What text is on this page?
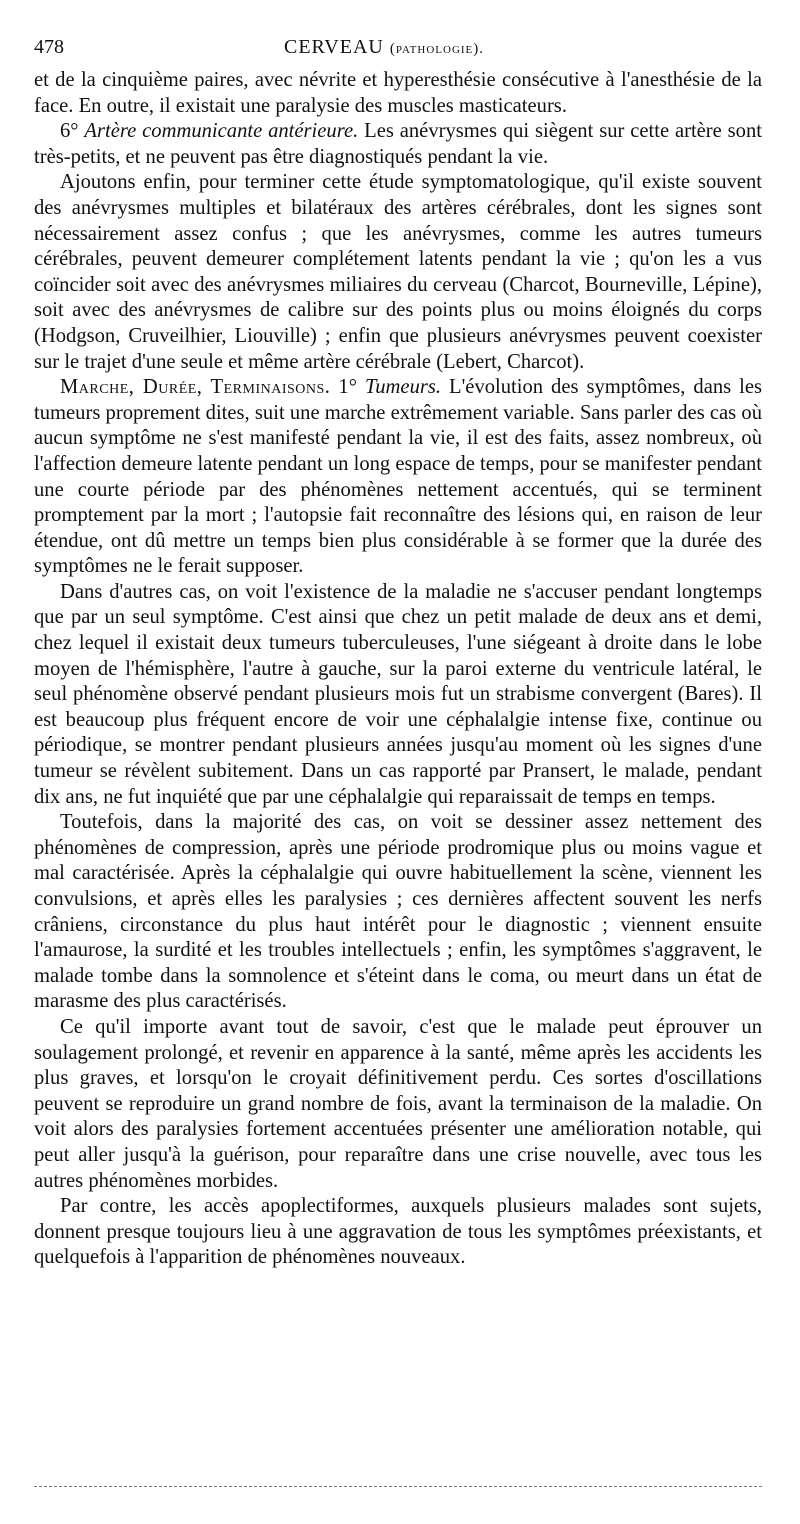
478	CERVEAU (pathologie).

et de la cinquième paires, avec névrite et hyperesthésie consécutive à l'anesthésie de la face. En outre, il existait une paralysie des muscles masticateurs.

6° Artère communicante antérieure. Les anévrysmes qui siègent sur cette artère sont très-petits, et ne peuvent pas être diagnostiqués pendant la vie.

Ajoutons enfin, pour terminer cette étude symptomatologique, qu'il existe souvent des anévrysmes multiples et bilatéraux des artères cérébrales, dont les signes sont nécessairement assez confus ; que les anévrysmes, comme les autres tumeurs cérébrales, peuvent demeurer complétement latents pendant la vie ; qu'on les a vus coïncider soit avec des anévrysmes miliaires du cerveau (Charcot, Bourneville, Lépine), soit avec des anévrysmes de calibre sur des points plus ou moins éloignés du corps (Hodgson, Cruveilhier, Liouville) ; enfin que plusieurs anévrysmes peuvent coexister sur le trajet d'une seule et même artère cérébrale (Lebert, Charcot).

Marche, Durée, Terminaisons. 1° Tumeurs. L'évolution des symptômes, dans les tumeurs proprement dites, suit une marche extrêmement variable. Sans parler des cas où aucun symptôme ne s'est manifesté pendant la vie, il est des faits, assez nombreux, où l'affection demeure latente pendant un long espace de temps, pour se manifester pendant une courte période par des phénomènes nettement accentués, qui se terminent promptement par la mort ; l'autopsie fait reconnaître des lésions qui, en raison de leur étendue, ont dû mettre un temps bien plus considérable à se former que la durée des symptômes ne le ferait supposer.

Dans d'autres cas, on voit l'existence de la maladie ne s'accuser pendant longtemps que par un seul symptôme. C'est ainsi que chez un petit malade de deux ans et demi, chez lequel il existait deux tumeurs tuberculeuses, l'une siégeant à droite dans le lobe moyen de l'hémisphère, l'autre à gauche, sur la paroi externe du ventricule latéral, le seul phénomène observé pendant plusieurs mois fut un strabisme convergent (Bares). Il est beaucoup plus fréquent encore de voir une céphalalgie intense fixe, continue ou périodique, se montrer pendant plusieurs années jusqu'au moment où les signes d'une tumeur se révèlent subitement. Dans un cas rapporté par Pransert, le malade, pendant dix ans, ne fut inquiété que par une céphalalgie qui reparaissait de temps en temps.

Toutefois, dans la majorité des cas, on voit se dessiner assez nettement des phénomènes de compression, après une période prodromique plus ou moins vague et mal caractérisée. Après la céphalalgie qui ouvre habituellement la scène, viennent les convulsions, et après elles les paralysies ; ces dernières affectent souvent les nerfs crâniens, circonstance du plus haut intérêt pour le diagnostic ; viennent ensuite l'amaurose, la surdité et les troubles intellectuels ; enfin, les symptômes s'aggravent, le malade tombe dans la somnolence et s'éteint dans le coma, ou meurt dans un état de marasme des plus caractérisés.

Ce qu'il importe avant tout de savoir, c'est que le malade peut éprouver un soulagement prolongé, et revenir en apparence à la santé, même après les accidents les plus graves, et lorsqu'on le croyait définitivement perdu. Ces sortes d'oscillations peuvent se reproduire un grand nombre de fois, avant la terminaison de la maladie. On voit alors des paralysies fortement accentuées présenter une amélioration notable, qui peut aller jusqu'à la guérison, pour reparaître dans une crise nouvelle, avec tous les autres phénomènes morbides.

Par contre, les accès apoplectiformes, auxquels plusieurs malades sont sujets, donnent presque toujours lieu à une aggravation de tous les symptômes préexistants, et quelquefois à l'apparition de phénomènes nouveaux.
